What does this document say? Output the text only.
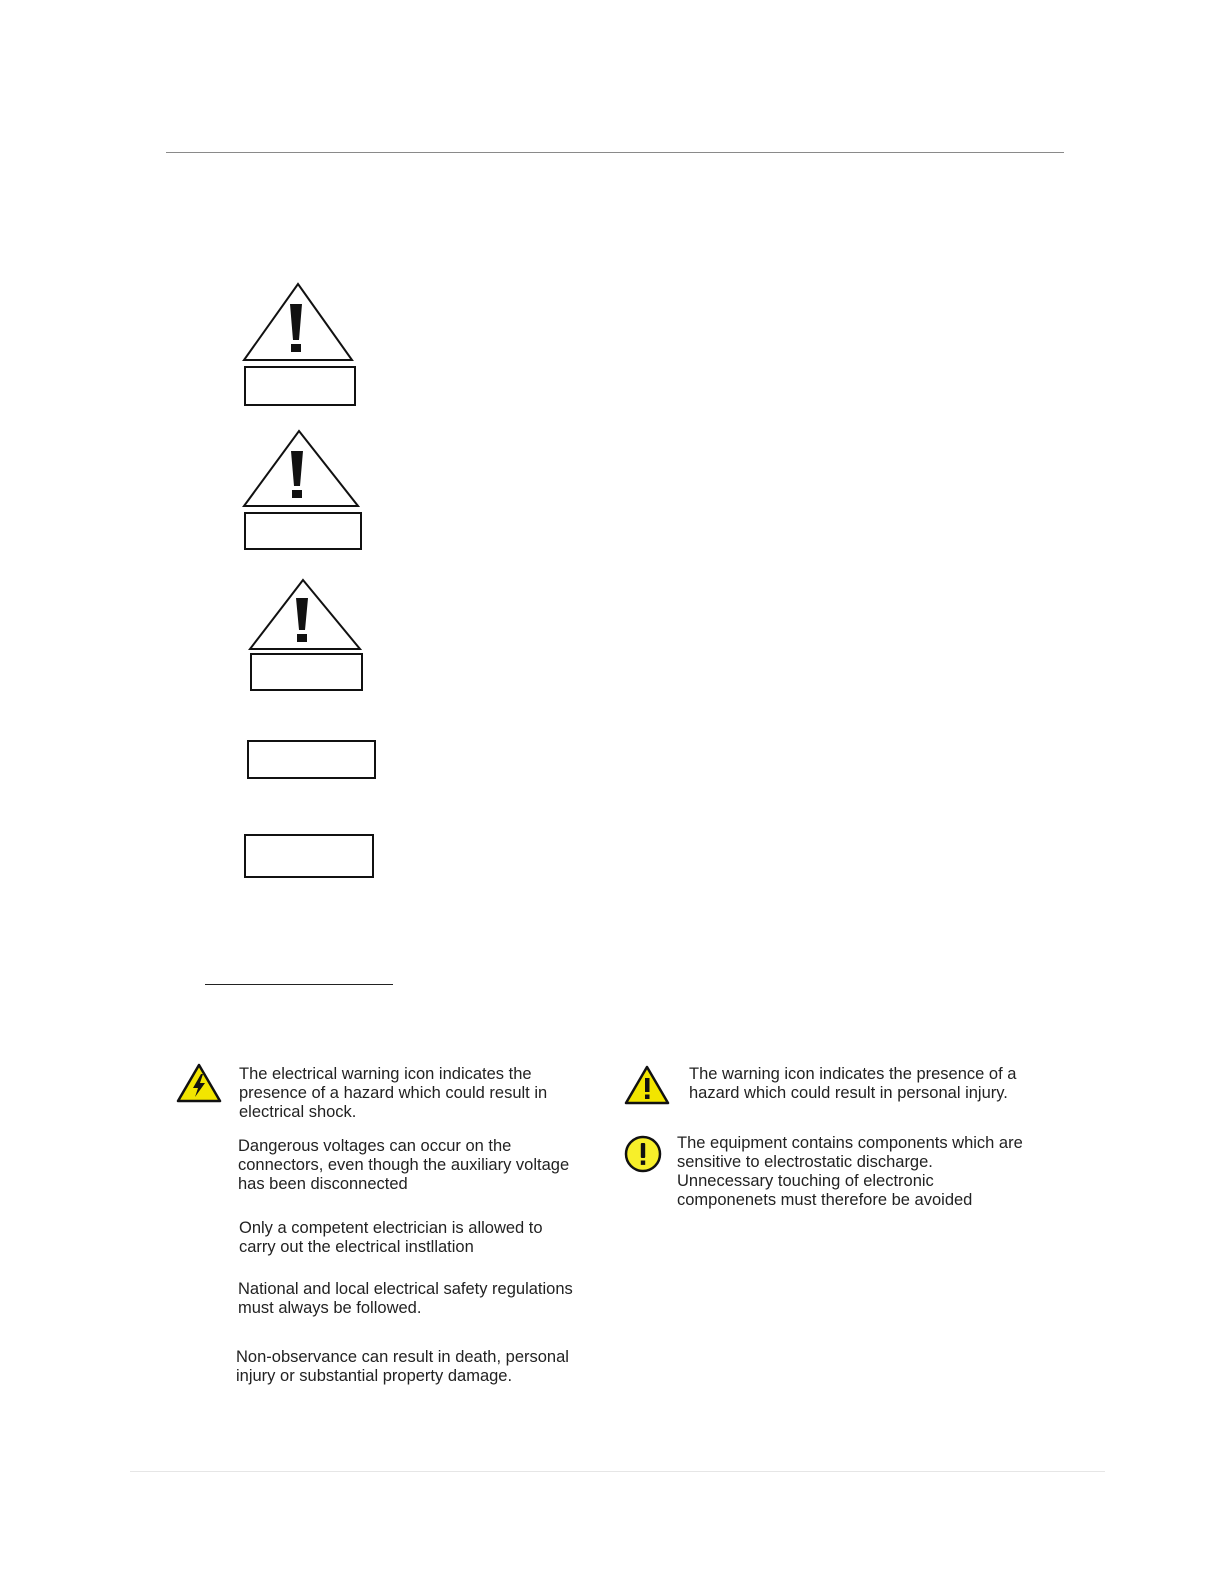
The electrical warning icon indicates the
presence of a hazard which could result in
electrical shock.

Dangerous voltages can occur on the
connectors, even though the auxiliary voltage
has been disconnected

Only a competent electrician is allowed to
carry out the electrical instllation

National and local electrical safety regulations
must always be followed.

Non-observance can result in death, personal
injury or substantial property damage.

The warning icon indicates the presence of a
hazard which could result in personal injury.

The equipment contains components which are
sensitive to electrostatic discharge.
Unnecessary touching of electronic
componenets must therefore be avoided
